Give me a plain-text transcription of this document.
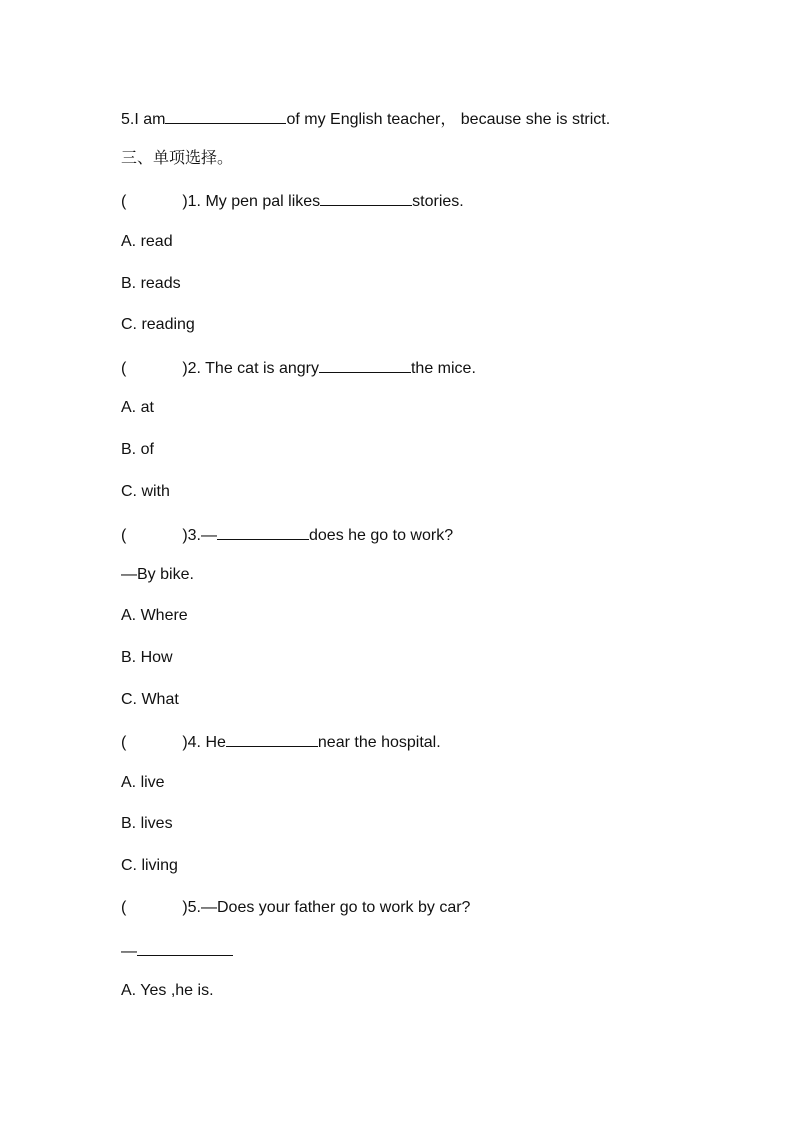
5.I am	of my English teacher， because she is strict.
三、单项选择。
(	)1. My pen pal likes	stories.
A. read
B. reads
C. reading
(	)2. The cat is angry	the mice.
A. at
B. of
C. with
(	)3.—	does he go to work?
—By bike.
A. Where
B. How
C. What
(	)4. He	near the hospital.
A. live
B. lives
C. living
(	)5.—Does your father go to work by car?
—
A. Yes ,he is.
